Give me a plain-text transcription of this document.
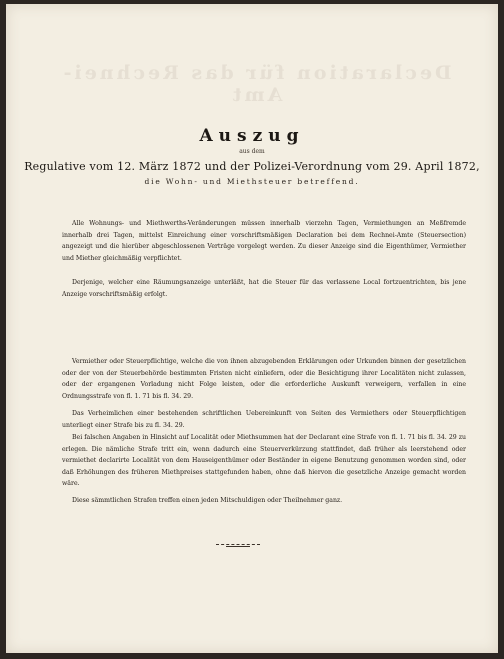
Declaration für das Rechnei-Amt
Auszug
aus dem
Regulative vom 12. März 1872 und der Polizei-Verordnung vom 29. April 1872,
die Wohn- und Miethsteuer betreffend.

Alle Wohnungs- und Miethwerths-Veränderungen müssen innerhalb vierzehn Tagen, Vermiethungen an Meßfremde innerhalb drei Tagen, mittelst Einreichung einer vorschriftsmäßigen Declaration bei dem Rechnei-Amte (Steuersection) angezeigt und die hierüber abgeschlossenen Verträge vorgelegt werden. Zu dieser Anzeige sind die Eigenthümer, Vermiether und Miether gleichmäßig verpflichtet.

Derjenige, welcher eine Räumungsanzeige unterläßt, hat die Steuer für das verlassene Local fortzuentrichten, bis jene Anzeige vorschriftsmäßig erfolgt.

Vermiether oder Steuerpflichtige, welche die von ihnen abzugebenden Erklärungen oder Urkunden binnen der gesetzlichen oder der von der Steuerbehörde bestimmten Fristen nicht einliefern, oder die Besichtigung ihrer Localitäten nicht zulassen, oder der ergangenen Vorladung nicht Folge leisten, oder die erforderliche Auskunft verweigern, verfallen in eine Ordnungsstrafe von fl. 1. 71 bis fl. 34. 29.

Das Verheimlichen einer bestehenden schriftlichen Uebereinkunft von Seiten des Vermiethers oder Steuerpflichtigen unterliegt einer Strafe bis zu fl. 34. 29.

Bei falschen Angaben in Hinsicht auf Localität oder Miethsummen hat der Declarant eine Strafe von fl. 1. 71 bis fl. 34. 29 zu erlegen. Die nämliche Strafe tritt ein, wenn dadurch eine Steuerverkürzung stattfindet, daß früher als leerstehend oder vermiethet declarirte Localität von dem Hauseigenthümer oder Beständer in eigene Benutzung genommen worden sind, oder daß Erhöhungen des früheren Miethpreises stattgefunden haben, ohne daß hiervon die gesetzliche Anzeige gemacht worden wäre.

Diese sämmtlichen Strafen treffen einen jeden Mitschuldigen oder Theilnehmer ganz.
